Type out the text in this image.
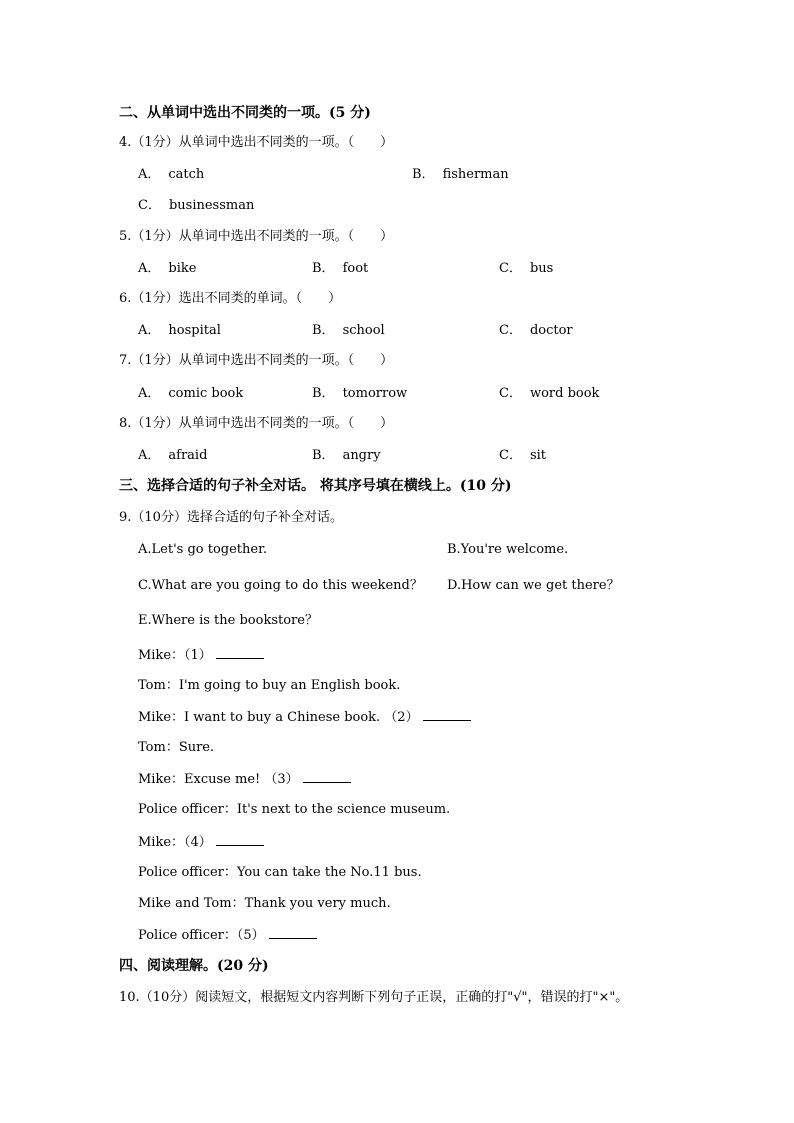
二、从单词中选出不同类的一项。(5 分)
4.（1分）从单词中选出不同类的一项。（　　）
A． catch	B． fisherman
C． businessman
5.（1分）从单词中选出不同类的一项。（　　）
A． bike	B． foot	C． bus
6.（1分）选出不同类的单词。（　　）
A． hospital	B． school	C． doctor
7.（1分）从单词中选出不同类的一项。（　　）
A． comic book	B． tomorrow	C． word book
8.（1分）从单词中选出不同类的一项。（　　）
A． afraid	B． angry	C． sit
三、选择合适的句子补全对话。 将其序号填在横线上。(10 分)
9.（10分）选择合适的句子补全对话。
A.Let's go together.	B.You're welcome.
C.What are you going to do this weekend？ D.How can we get there？
E.Where is the bookstore？
Mike：（1）
Tom：I'm going to buy an English book.
Mike：I want to buy a Chinese book. （2）
Tom：Sure.
Mike：Excuse me! （3）
Police officer：It's next to the science museum.
Mike：（4）
Police officer：You can take the No.11 bus.
Mike and Tom：Thank you very much.
Police officer：（5）
四、阅读理解。(20 分)
10.（10分）阅读短文，根据短文内容判断下列句子正误，正确的打"√"，错误的打"×"。
